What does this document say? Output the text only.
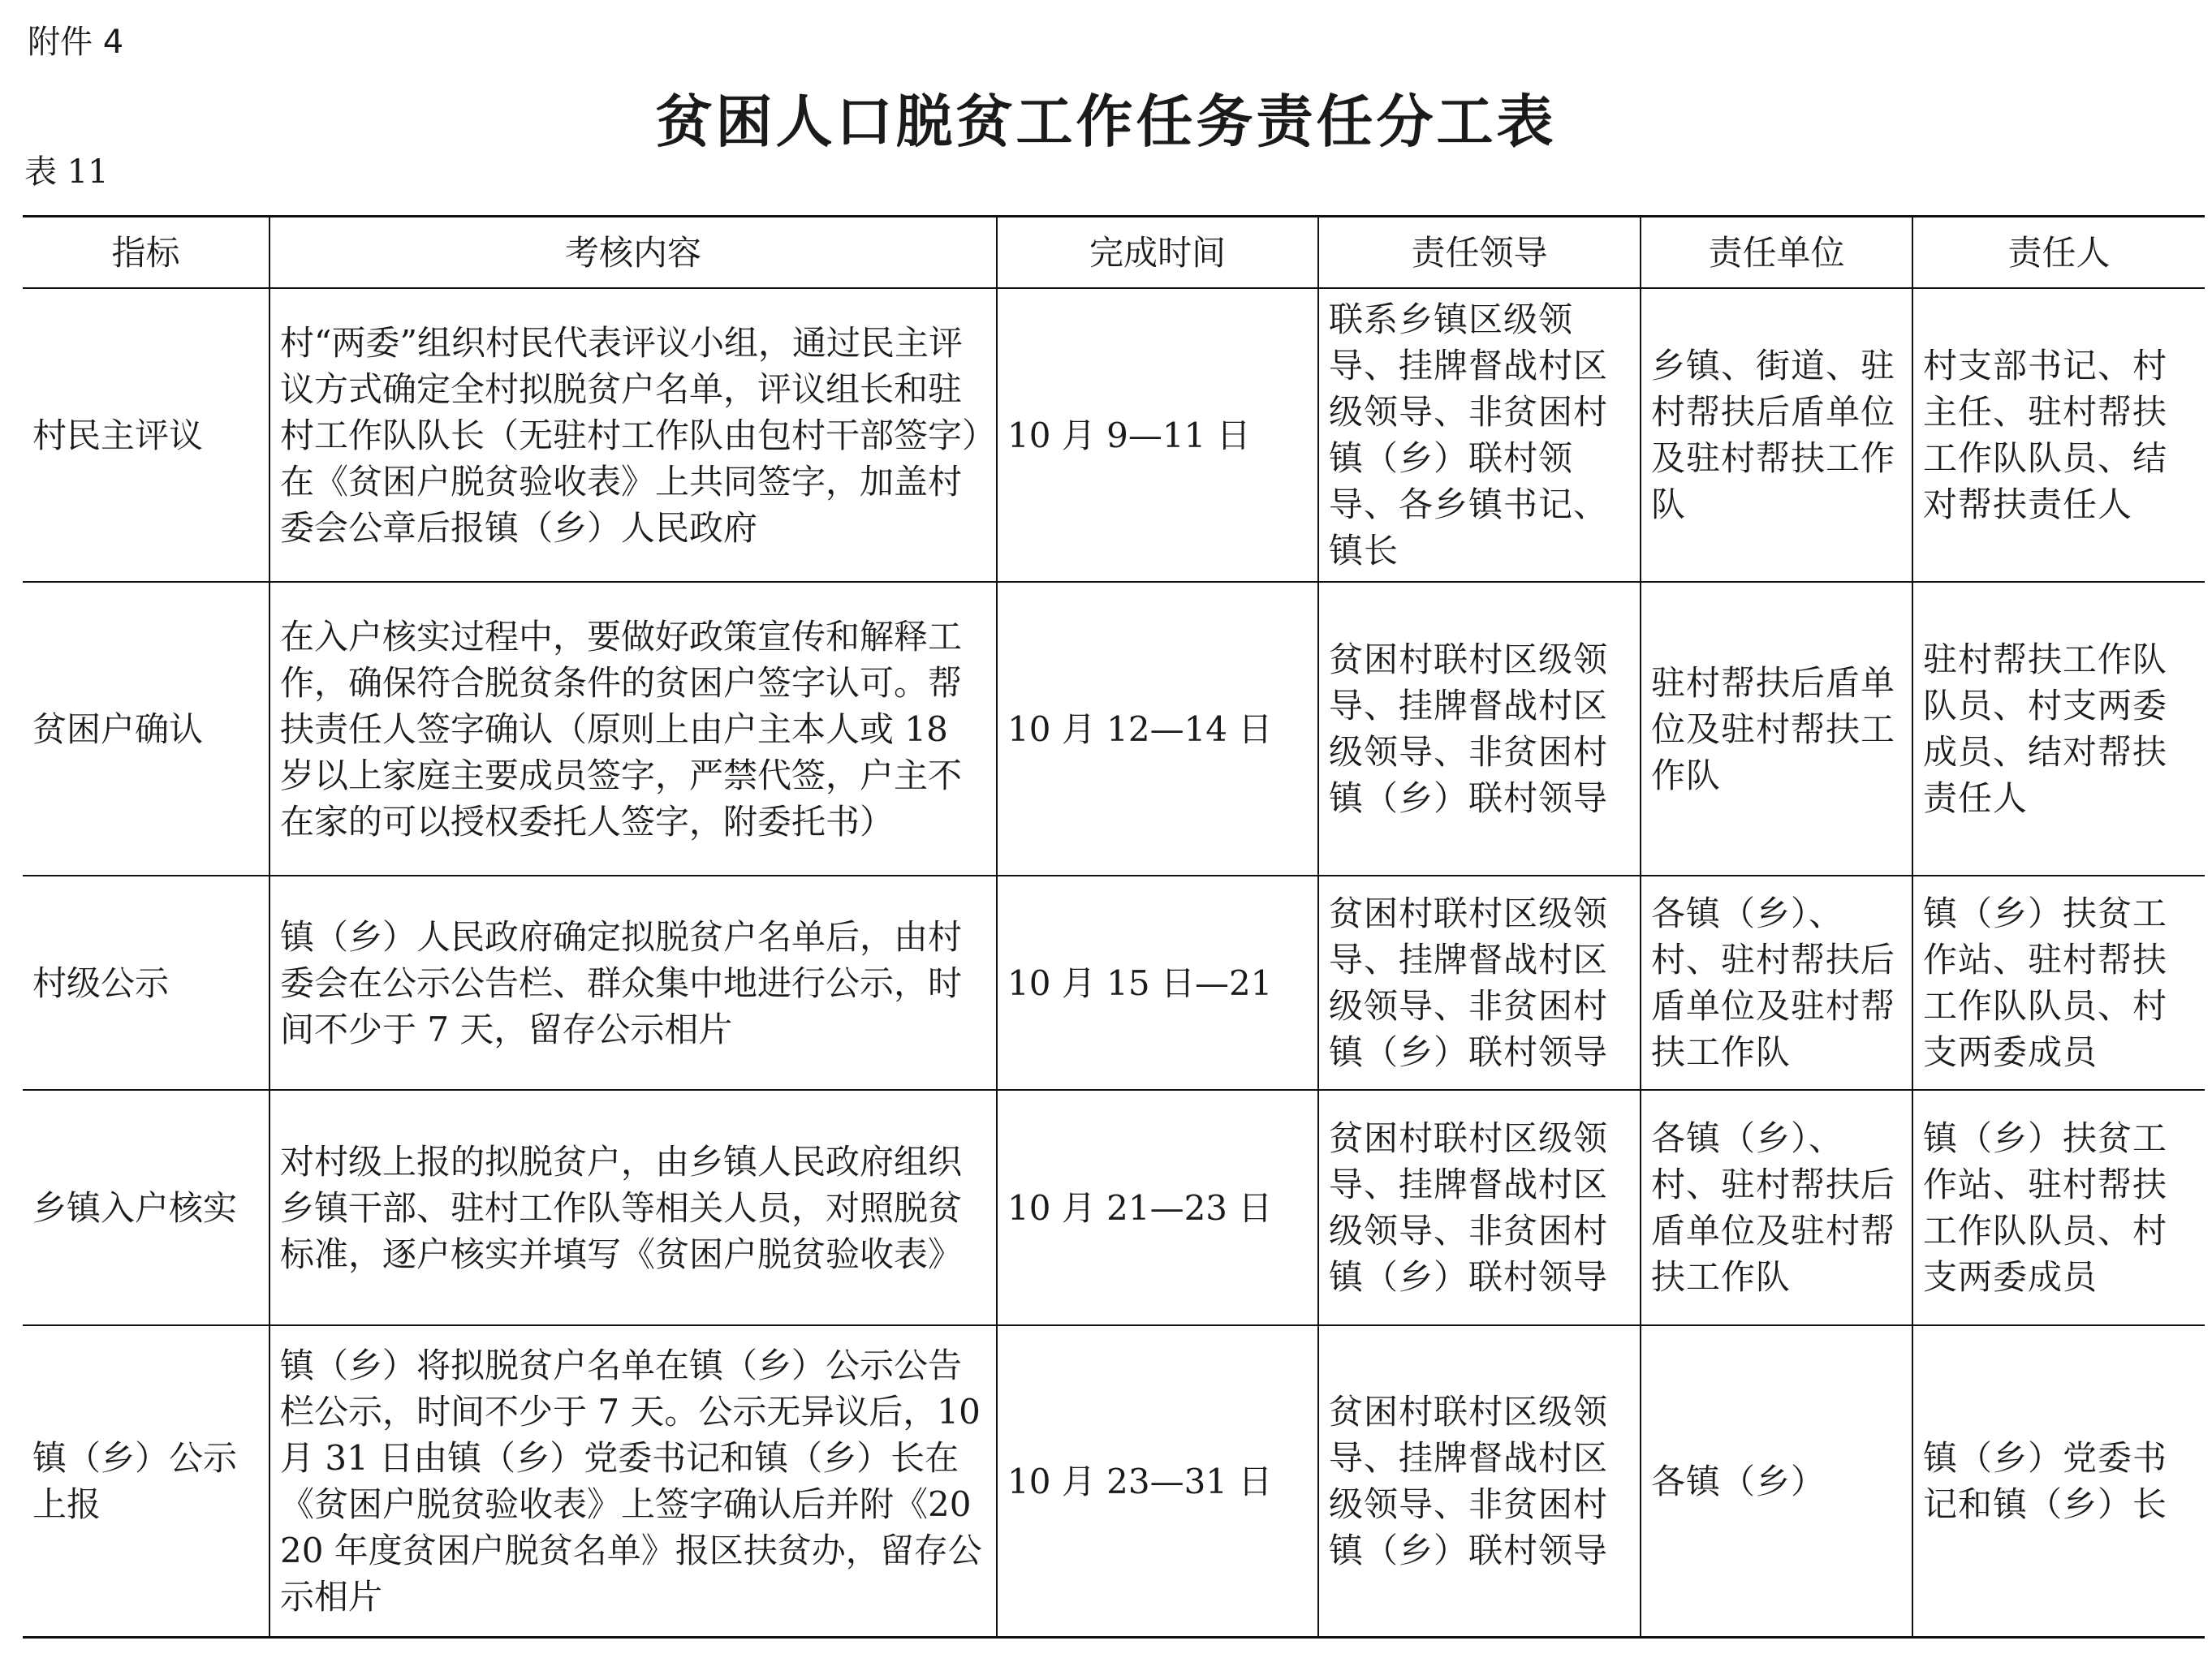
附件 4
贫困人口脱贫工作任务责任分工表
表 11
指标	考核内容	完成时间	责任领导	责任单位	责任人
村民主评议	村“两委”组织村民代表评议小组，通过民主评议方式确定全村拟脱贫户名单，评议组长和驻村工作队队长（无驻村工作队由包村干部签字）在《贫困户脱贫验收表》上共同签字，加盖村委会公章后报镇（乡）人民政府	10 月 9—11 日	联系乡镇区级领导、挂牌督战村区级领导、非贫困村镇（乡）联村领导、各乡镇书记、镇长	乡镇、街道、驻村帮扶后盾单位及驻村帮扶工作队	村支部书记、村主任、驻村帮扶工作队队员、结对帮扶责任人
贫困户确认	在入户核实过程中，要做好政策宣传和解释工作，确保符合脱贫条件的贫困户签字认可。帮扶责任人签字确认（原则上由户主本人或 18 岁以上家庭主要成员签字，严禁代签，户主不在家的可以授权委托人签字，附委托书）	10 月 12—14 日	贫困村联村区级领导、挂牌督战村区级领导、非贫困村镇（乡）联村领导	驻村帮扶后盾单位及驻村帮扶工作队	驻村帮扶工作队队员、村支两委成员、结对帮扶责任人
村级公示	镇（乡）人民政府确定拟脱贫户名单后，由村委会在公示公告栏、群众集中地进行公示，时间不少于 7 天，留存公示相片	10 月 15 日—21	贫困村联村区级领导、挂牌督战村区级领导、非贫困村镇（乡）联村领导	各镇（乡）、村、驻村帮扶后盾单位及驻村帮扶工作队	镇（乡）扶贫工作站、驻村帮扶工作队队员、村支两委成员
乡镇入户核实	对村级上报的拟脱贫户，由乡镇人民政府组织乡镇干部、驻村工作队等相关人员，对照脱贫标准，逐户核实并填写《贫困户脱贫验收表》	10 月 21—23 日	贫困村联村区级领导、挂牌督战村区级领导、非贫困村镇（乡）联村领导	各镇（乡）、村、驻村帮扶后盾单位及驻村帮扶工作队	镇（乡）扶贫工作站、驻村帮扶工作队队员、村支两委成员
镇（乡）公示上报	镇（乡）将拟脱贫户名单在镇（乡）公示公告栏公示，时间不少于 7 天。公示无异议后，10 月 31 日由镇（乡）党委书记和镇（乡）长在《贫困户脱贫验收表》上签字确认后并附《2020 年度贫困户脱贫名单》报区扶贫办，留存公示相片	10 月 23—31 日	贫困村联村区级领导、挂牌督战村区级领导、非贫困村镇（乡）联村领导	各镇（乡）	镇（乡）党委书记和镇（乡）长
